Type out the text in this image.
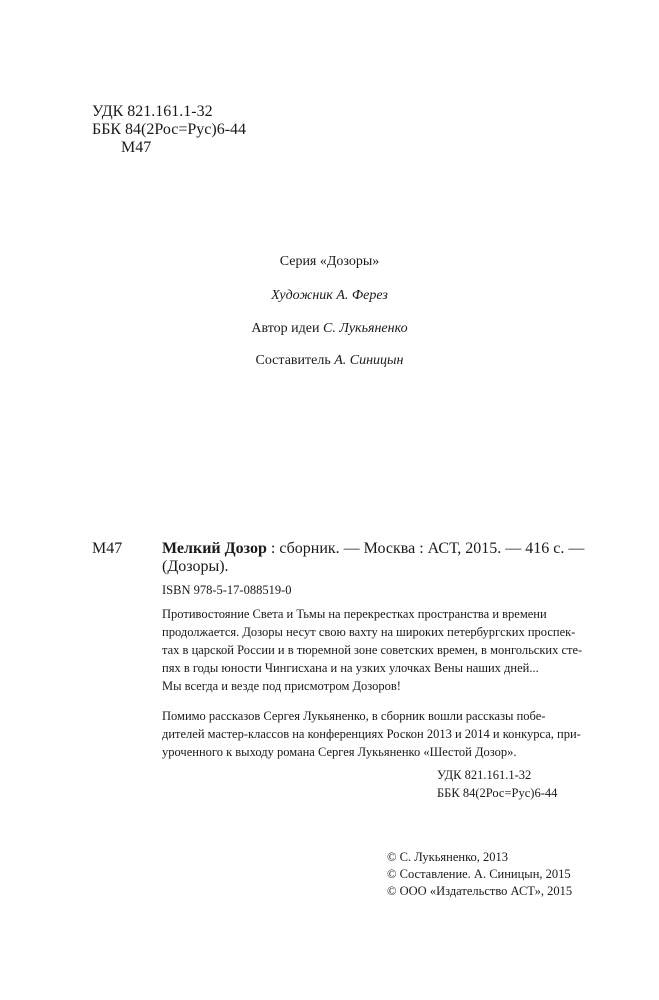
УДК 821.161.1-32
ББК 84(2Рос=Рус)6-44
М47
Серия «Дозоры»
Художник А. Ферез
Автор идеи С. Лукьяненко
Составитель А. Синицын
М47 Мелкий Дозор : сборник. — Москва : АСТ, 2015. — 416 с. —
(Дозоры).
ISBN 978-5-17-088519-0
Противостояние Света и Тьмы на перекрестках пространства и времени
продолжается. Дозоры несут свою вахту на широких петербургских проспек-
тах в царской России и в тюремной зоне советских времен, в монгольских сте-
пях в годы юности Чингисхана и на узких улочках Вены наших дней...
Мы всегда и везде под присмотром Дозоров!
Помимо рассказов Сергея Лукьяненко, в сборник вошли рассказы побе-
дителей мастер-классов на конференциях Роскон 2013 и 2014 и конкурса, при-
уроченного к выходу романа Сергея Лукьяненко «Шестой Дозор».
УДК 821.161.1-32
ББК 84(2Рос=Рус)6-44
© С. Лукьяненко, 2013
© Составление. А. Синицын, 2015
© ООО «Издательство АСТ», 2015
